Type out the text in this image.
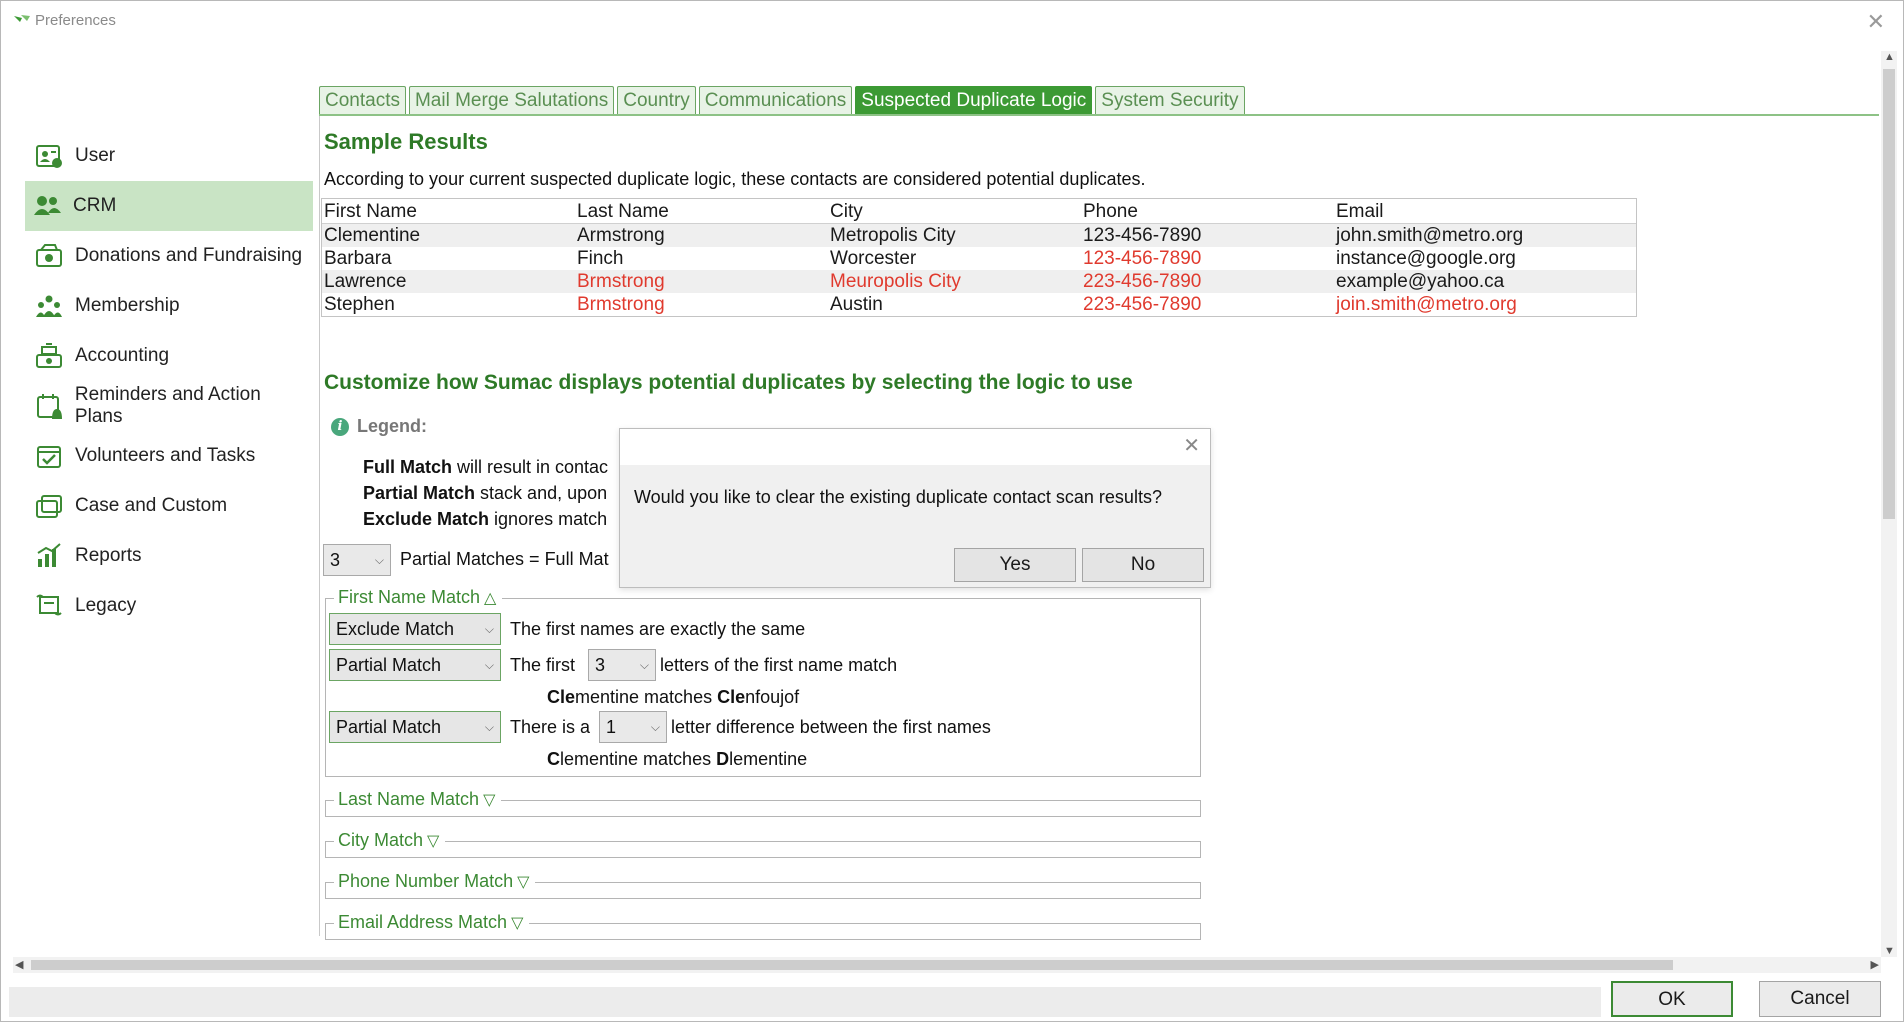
Preferences	✕
User
CRM
Donations and Fundraising
Membership
Accounting
Reminders and Action Plans
Volunteers and Tasks
Case and Custom
Reports
Legacy
Contacts Mail Merge Salutations Country Communications Suspected Duplicate Logic System Security
Sample Results
According to your current suspected duplicate logic, these contacts are considered potential duplicates.
First Name	Last Name	City	Phone	Email
Clementine	Armstrong	Metropolis City	123-456-7890	john.smith@metro.org
Barbara	Finch	Worcester	123-456-7890	instance@google.org
Lawrence	Brmstrong	Meuropolis City	223-456-7890	example@yahoo.ca
Stephen	Brmstrong	Austin	223-456-7890	join.smith@metro.org
Customize how Sumac displays potential duplicates by selecting the logic to use
i Legend:
Full Match will result in contac
Partial Match stack and, upon
Exclude Match ignores match
3	⌵ Partial Matches = Full Mat
First Name Match △
Exclude Match	⌵ The first names are exactly the same
Partial Match	⌵ The first	3	⌵ letters of the first name match
Clementine matches Clenfoujof
Partial Match	⌵ There is a 1	⌵ letter difference between the first names
Clementine matches Dlementine
Last Name Match ▽
City Match ▽
Phone Number Match ▽
Email Address Match ▽
✕
Would you like to clear the existing duplicate contact scan results?
Yes	No
▲
▼
◀	▶
OK	Cancel
